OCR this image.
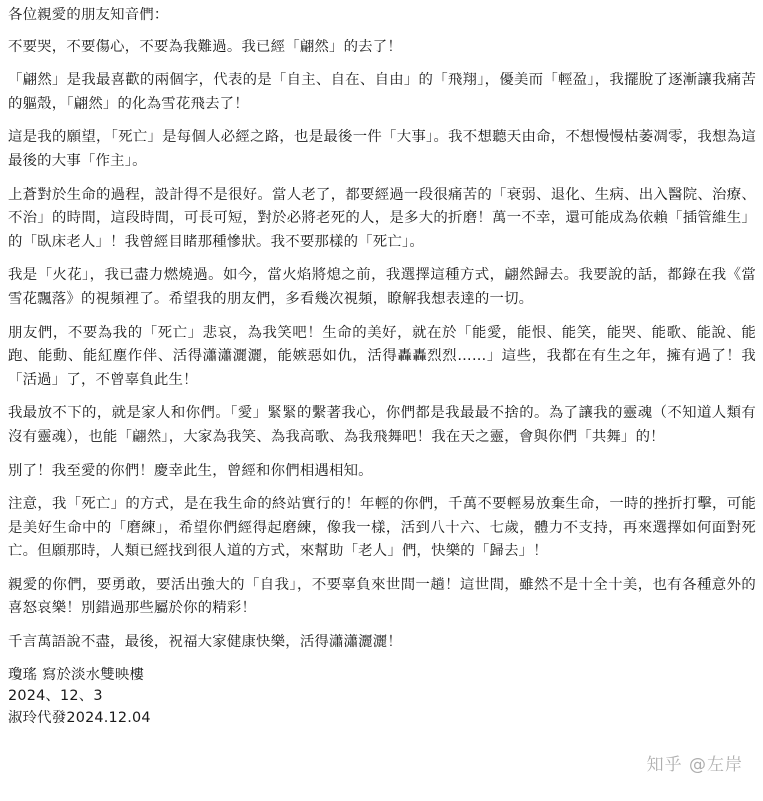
各位親愛的朋友知音們：

不要哭，不要傷心，不要為我難過。我已經「翩然」的去了！

「翩然」是我最喜歡的兩個字，代表的是「自主、自在、自由」的「飛翔」，優美而「輕盈」，我擺脫了逐漸讓我痛苦的軀殼，「翩然」的化為雪花飛去了！

這是我的願望，「死亡」是每個人必經之路，也是最後一件「大事」。我不想聽天由命，不想慢慢枯萎凋零，我想為這最後的大事「作主」。

上蒼對於生命的過程，設計得不是很好。當人老了，都要經過一段很痛苦的「衰弱、退化、生病、出入醫院、治療、不治」的時間，這段時間，可長可短，對於必將老死的人，是多大的折磨！萬一不幸，還可能成為依賴「插管維生」的「臥床老人」！我曾經目睹那種慘狀。我不要那樣的「死亡」。

我是「火花」，我已盡力燃燒過。如今，當火焰將熄之前，我選擇這種方式，翩然歸去。我要說的話，都錄在我《當雪花飄落》的視頻裡了。希望我的朋友們，多看幾次視頻，瞭解我想表達的一切。

朋友們，不要為我的「死亡」悲哀，為我笑吧！生命的美好，就在於「能愛，能恨、能笑，能哭、能歌、能說、能跑、能動、能紅塵作伴、活得瀟瀟灑灑，能嫉惡如仇，活得轟轟烈烈……」這些，我都在有生之年，擁有過了！我「活過」了，不曾辜負此生！

我最放不下的，就是家人和你們。「愛」緊緊的繫著我心，你們都是我最最不捨的。為了讓我的靈魂（不知道人類有沒有靈魂），也能「翩然」，大家為我笑、為我高歌、為我飛舞吧！我在天之靈，會與你們「共舞」的！

別了！我至愛的你們！慶幸此生，曾經和你們相遇相知。

注意，我「死亡」的方式，是在我生命的終站實行的！年輕的你們，千萬不要輕易放棄生命，一時的挫折打擊，可能是美好生命中的「磨練」，希望你們經得起磨練，像我一樣，活到八十六、七歲，體力不支持，再來選擇如何面對死亡。但願那時，人類已經找到很人道的方式，來幫助「老人」們，快樂的「歸去」！

親愛的你們，要勇敢，要活出強大的「自我」，不要辜負來世間一趟！這世間，雖然不是十全十美，也有各種意外的喜怒哀樂！別錯過那些屬於你的精彩！

千言萬語說不盡，最後，祝福大家健康快樂，活得瀟瀟灑灑！

瓊瑤 寫於淡水雙映樓
2024、12、3
淑玲代發2024.12.04
知乎 @左岸
